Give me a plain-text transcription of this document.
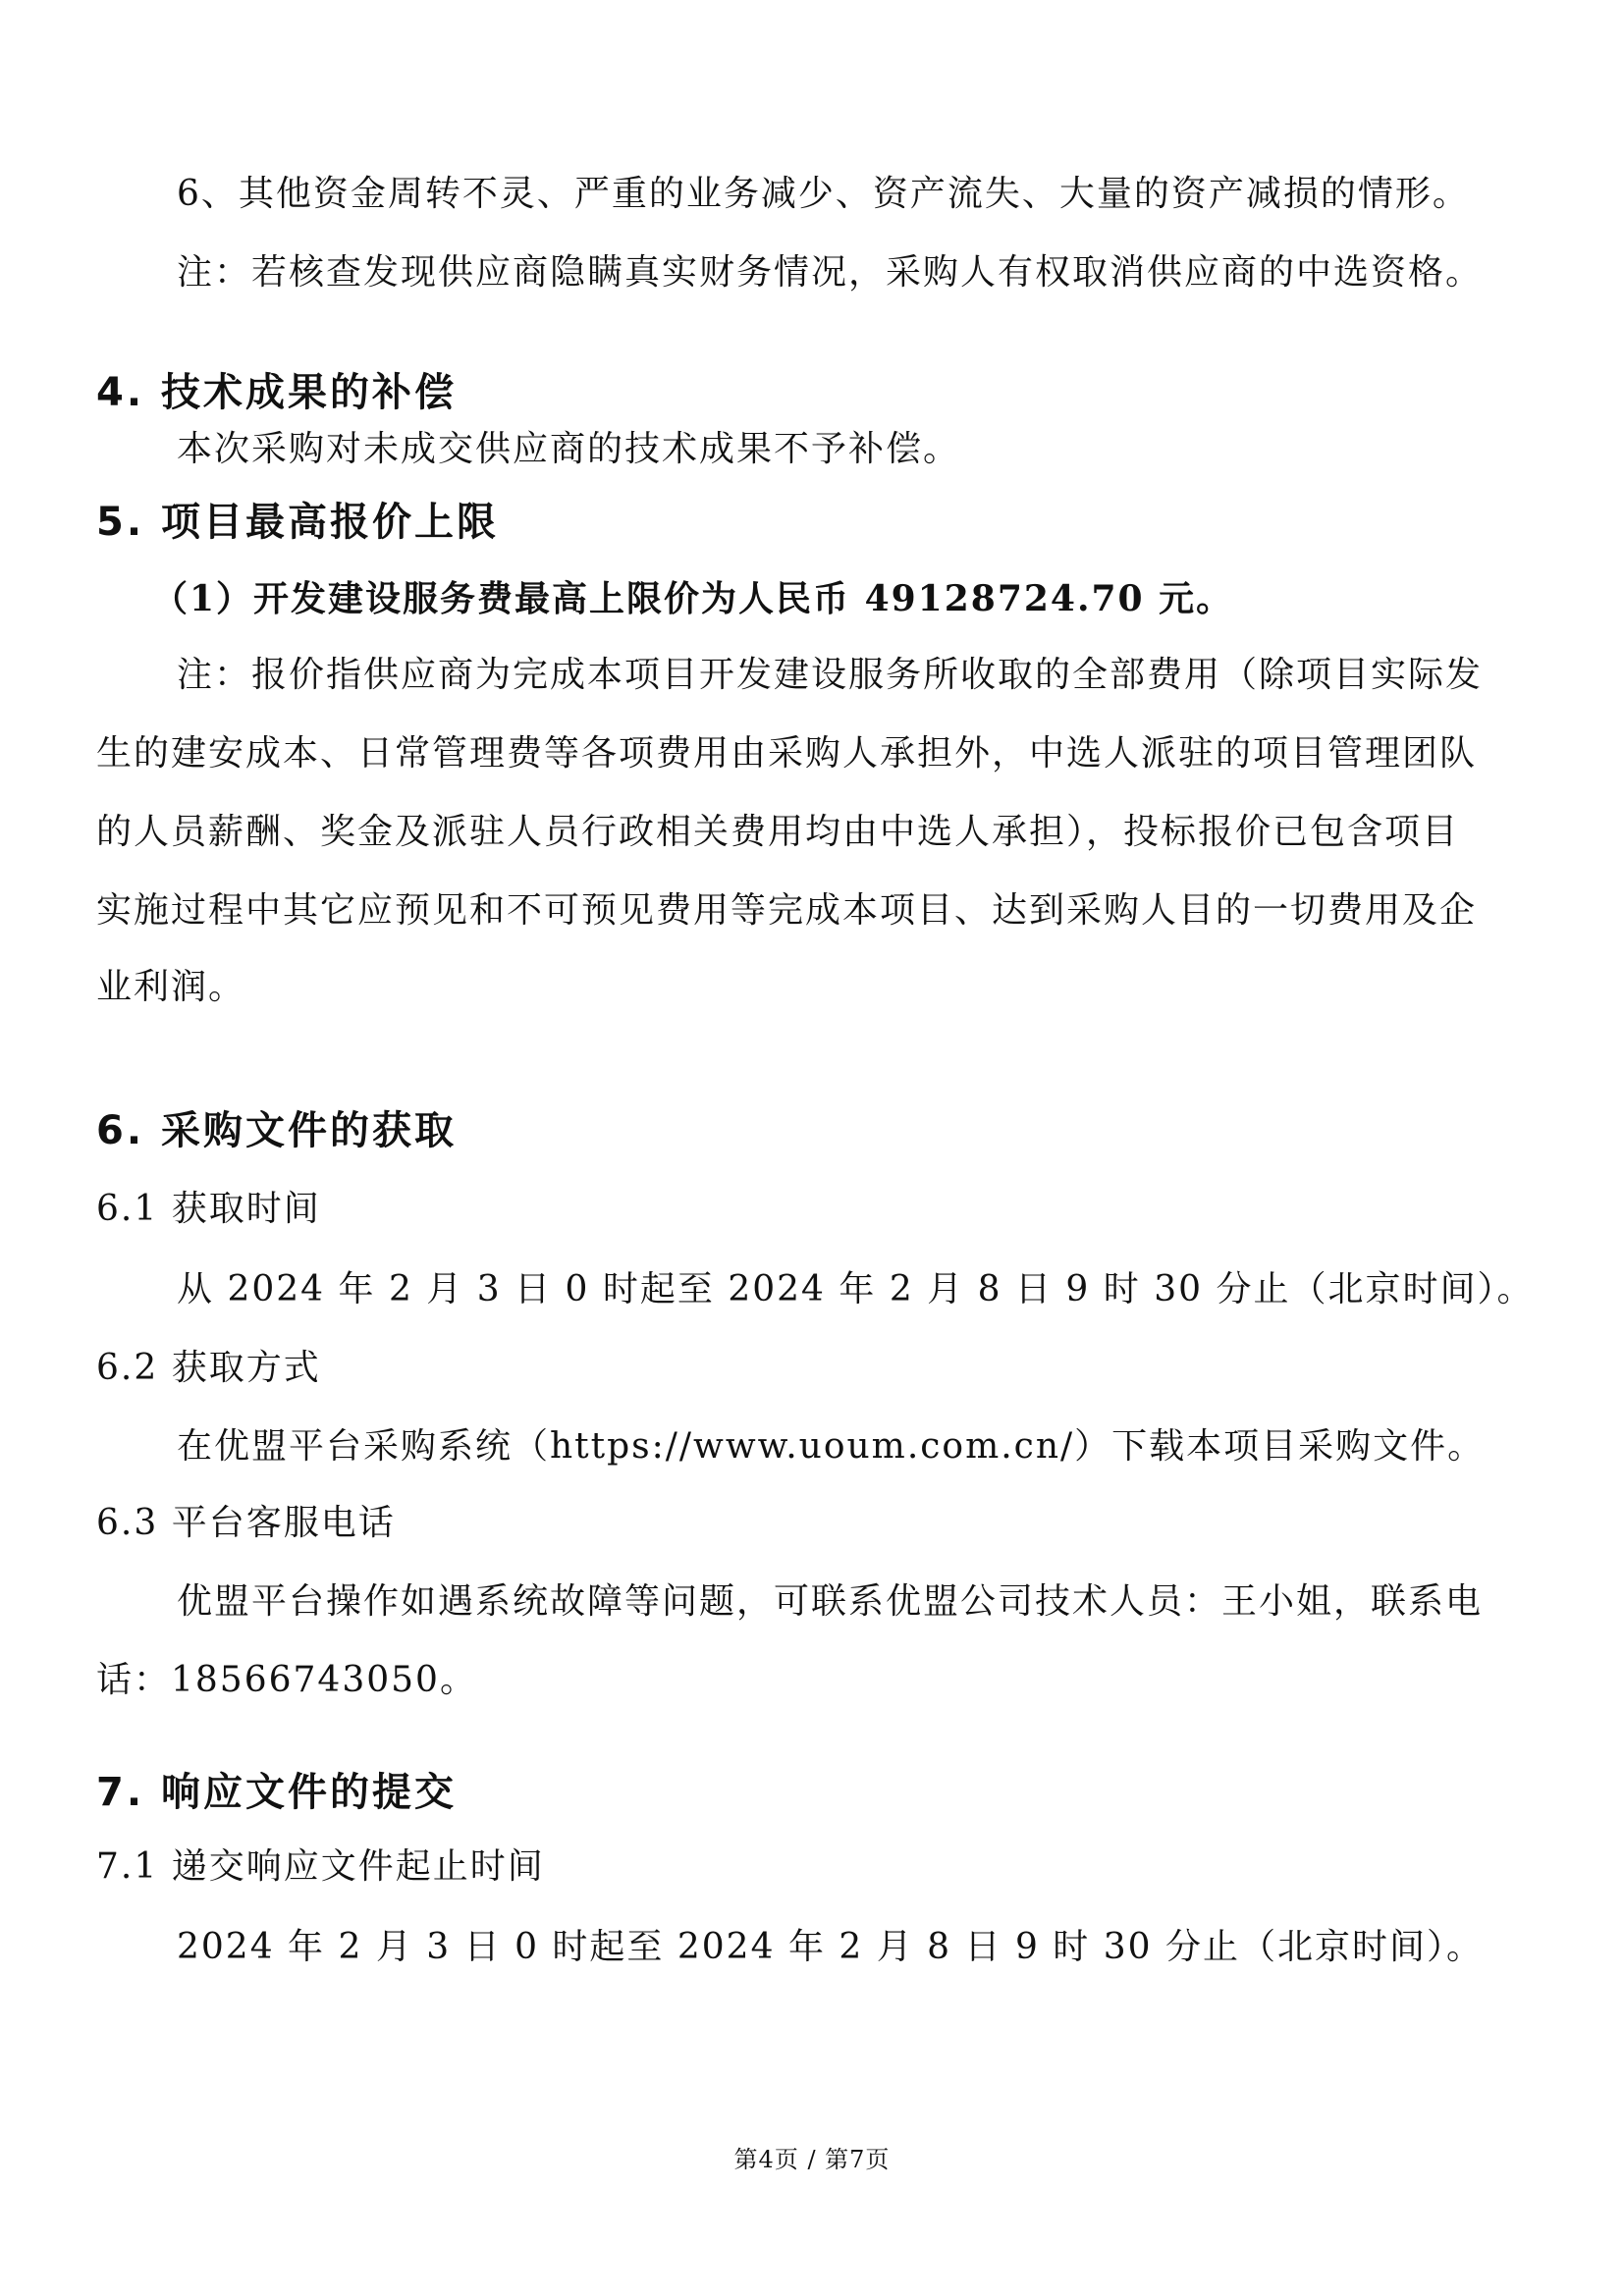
6、其他资金周转不灵、严重的业务减少、资产流失、大量的资产减损的情形。
注：若核查发现供应商隐瞒真实财务情况，采购人有权取消供应商的中选资格。
4. 技术成果的补偿
本次采购对未成交供应商的技术成果不予补偿。
5. 项目最高报价上限
（1）开发建设服务费最高上限价为人民币 49128724.70 元。
注：报价指供应商为完成本项目开发建设服务所收取的全部费用（除项目实际发
生的建安成本、日常管理费等各项费用由采购人承担外，中选人派驻的项目管理团队
的人员薪酬、奖金及派驻人员行政相关费用均由中选人承担），投标报价已包含项目
实施过程中其它应预见和不可预见费用等完成本项目、达到采购人目的一切费用及企
业利润。
6. 采购文件的获取
6.1 获取时间
从 2024 年 2 月 3 日 0 时起至 2024 年 2 月 8 日 9 时 30 分止（北京时间）。
6.2 获取方式
在优盟平台采购系统（https://www.uoum.com.cn/）下载本项目采购文件。
6.3 平台客服电话
优盟平台操作如遇系统故障等问题，可联系优盟公司技术人员：王小姐，联系电
话：18566743050。
7. 响应文件的提交
7.1 递交响应文件起止时间
2024 年 2 月 3 日 0 时起至 2024 年 2 月 8 日 9 时 30 分止（北京时间）。
第4页 / 第7页
